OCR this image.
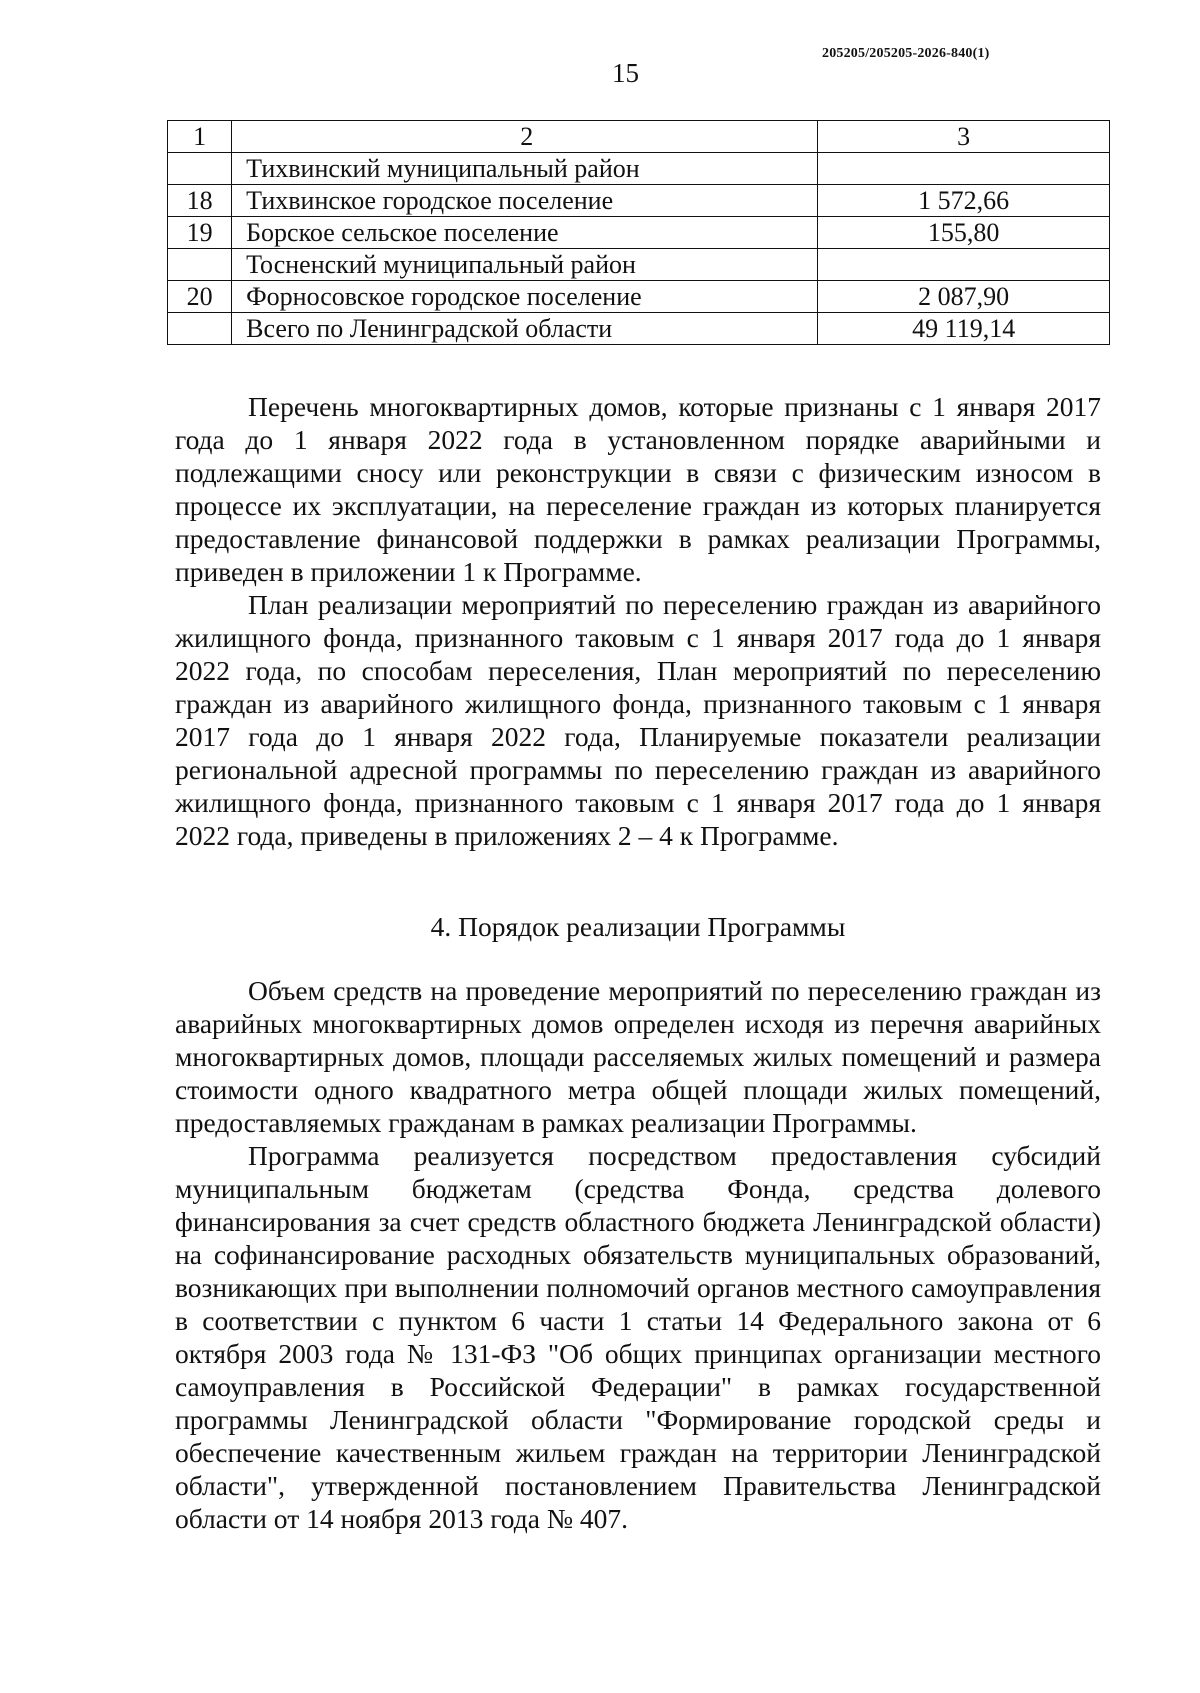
15
205205/205205-2026-840(1)
1	2	3
	Тихвинский муниципальный район	
18	Тихвинское городское поселение	1 572,66
19	Борское сельское поселение	155,80
	Тосненский муниципальный район	
20	Форносовское городское поселение	2 087,90
	Всего по Ленинградской области	49 119,14

Перечень многоквартирных домов, которые признаны с 1 января 2017 года до 1 января 2022 года в установленном порядке аварийными и подлежащими сносу или реконструкции в связи с физическим износом в процессе их эксплуатации, на переселение граждан из которых планируется предоставление финансовой поддержки в рамках реализации Программы, приведен в приложении 1 к Программе.

План реализации мероприятий по переселению граждан из аварийного жилищного фонда, признанного таковым с 1 января 2017 года до 1 января 2022 года, по способам переселения, План мероприятий по переселению граждан из аварийного жилищного фонда, признанного таковым с 1 января 2017 года до 1 января 2022 года, Планируемые показатели реализации региональной адресной программы по переселению граждан из аварийного жилищного фонда, признанного таковым с 1 января 2017 года до 1 января 2022 года, приведены в приложениях 2 – 4 к Программе.

4. Порядок реализации Программы

Объем средств на проведение мероприятий по переселению граждан из аварийных многоквартирных домов определен исходя из перечня аварийных многоквартирных домов, площади расселяемых жилых помещений и размера стоимости одного квадратного метра общей площади жилых помещений, предоставляемых гражданам в рамках реализации Программы.

Программа реализуется посредством предоставления субсидий муниципальным бюджетам (средства Фонда, средства долевого финансирования за счет средств областного бюджета Ленинградской области) на софинансирование расходных обязательств муниципальных образований, возникающих при выполнении полномочий органов местного самоуправления в соответствии с пунктом 6 части 1 статьи 14 Федерального закона от 6 октября 2003 года № 131-ФЗ "Об общих принципах организации местного самоуправления в Российской Федерации" в рамках государственной программы Ленинградской области "Формирование городской среды и обеспечение качественным жильем граждан на территории Ленинградской области", утвержденной постановлением Правительства Ленинградской области от 14 ноября 2013 года № 407.
